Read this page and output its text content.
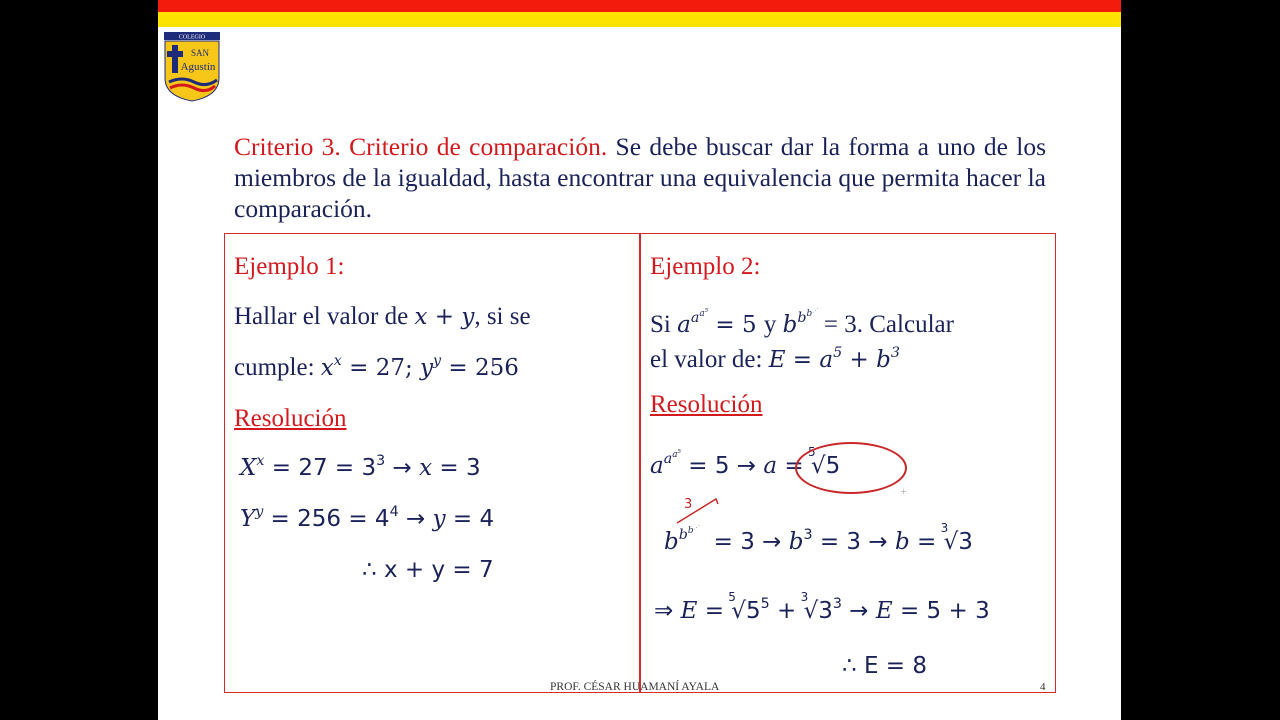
COLEGIO
SAN
Agustín
Criterio 3. Criterio de comparación. Se debe buscar dar la forma a uno de los miembros de la igualdad, hasta encontrar una equivalencia que permita hacer la comparación.
Ejemplo 1:
Hallar el valor de x + y, si se
cumple: $x^x = 27$; $y^y = 256$
Resolución
$X^x = 27 = 3^3 \to x = 3$
$Y^y = 256 = 4^4 \to y = 4$
∴ x + y = 7
Ejemplo 2:
Si $a^{a^{a^5}} = 5$ y $b^{b^{b^⋰}} = 3$. Calcular
el valor de: $E = a^5 + b^3$
Resolución
$a^{a^{a^5}} = 5 \to a$ =
5
√5
+
3
$b^{b^{b^⋰}} = 3 \to b^3 = 3 \to b$ =
3
√3
⇒ E =
5
$√5^5$ +
3
$√3^3 \to E = 5 + 3$
∴ E = 8
PROF. CÉSAR HUAMANÍ AYALA	4
